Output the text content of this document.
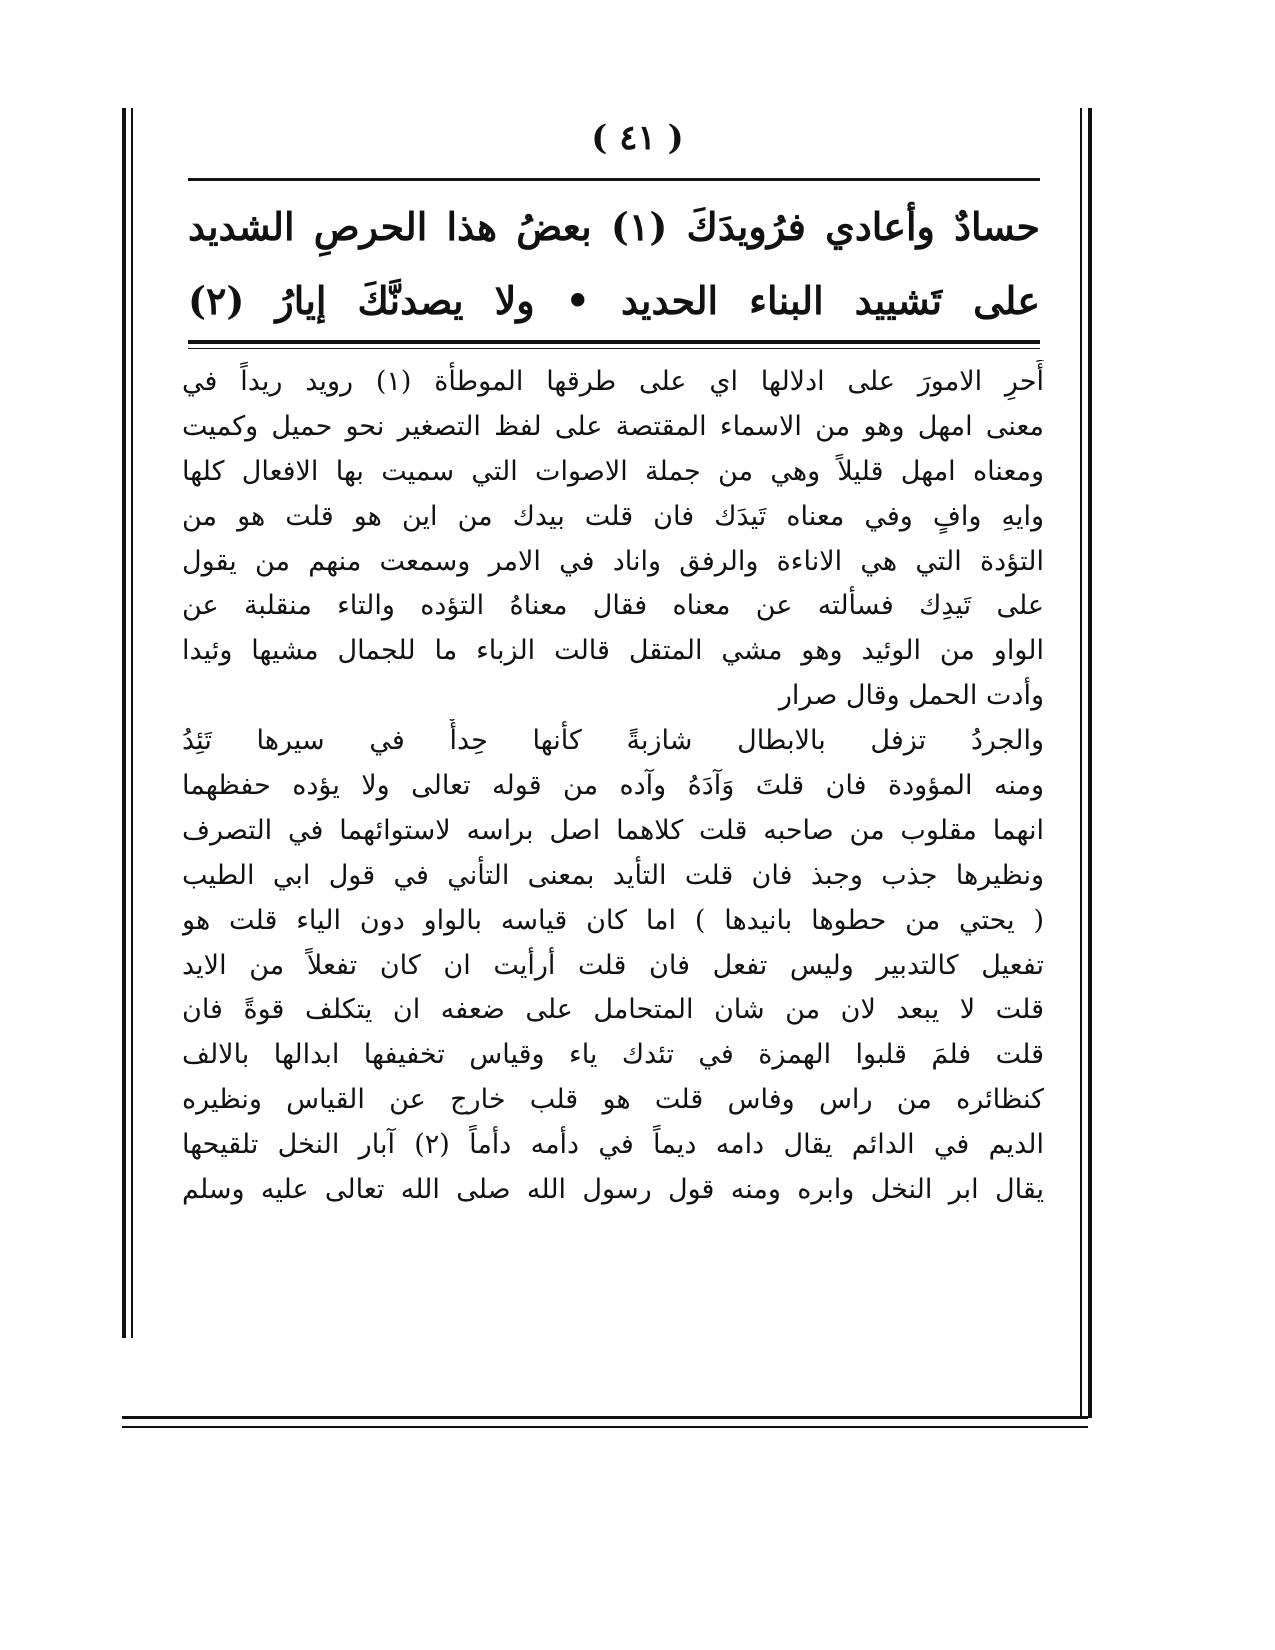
( ٤١ )
حسادٌ وأعادي فرُويدَكَ (١) بعضُ هذا الحرصِ الشديد
على تَشييد البناء الحديد • ولا يصدنَّكَ إيارُ (٢)
أَحرِ الامورَ على ادلالها اي على طرقها الموطأة (١) رويد ريداً في
معنى امهل وهو من الاسماء المقتصة على لفظ التصغير نحو حميل وكميت
ومعناه امهل قليلاً وهي من جملة الاصوات التي سميت بها الافعال كلها
وايهِ وافٍ وفي معناه تَيدَك فان قلت بيدك من اين هو قلت هو من
التؤدة التي هي الاناءة والرفق واناد في الامر وسمعت منهم من يقول
على تَيدِك فسألته عن معناه فقال معناهُ التؤده والتاء منقلبة عن
الواو من الوئيد وهو مشي المتقل قالت الزباء ما للجمال مشيها وئيدا
وأدت الحمل وقال صرار
والجردُ تزفل بالابطال شازبةً كأنها حِدأٌ في سيرها تَئِدُ
ومنه المؤودة فان قلتَ وَآدَهُ وآده من قوله تعالى ولا يؤده حفظهما
انهما مقلوب من صاحبه قلت كلاهما اصل براسه لاستوائهما في التصرف
ونظيرها جذب وجبذ فان قلت التأيد بمعنى التأني في قول ابي الطيب
( يحتي من حطوها بانيدها ) اما كان قياسه بالواو دون الياء قلت هو
تفعيل كالتدبير وليس تفعل فان قلت أرأيت ان كان تفعلاً من الايد
قلت لا يبعد لان من شان المتحامل على ضعفه ان يتكلف قوةً فان
قلت فلمَ قلبوا الهمزة في تئدك ياء وقياس تخفيفها ابدالها بالالف
كنظائره من راس وفاس قلت هو قلب خارج عن القياس ونظيره
الديم في الدائم يقال دامه ديماً في دأمه دأماً (٢) آبار النخل تلقيحها
يقال ابر النخل وابره ومنه قول رسول الله صلى الله تعالى عليه وسلم
